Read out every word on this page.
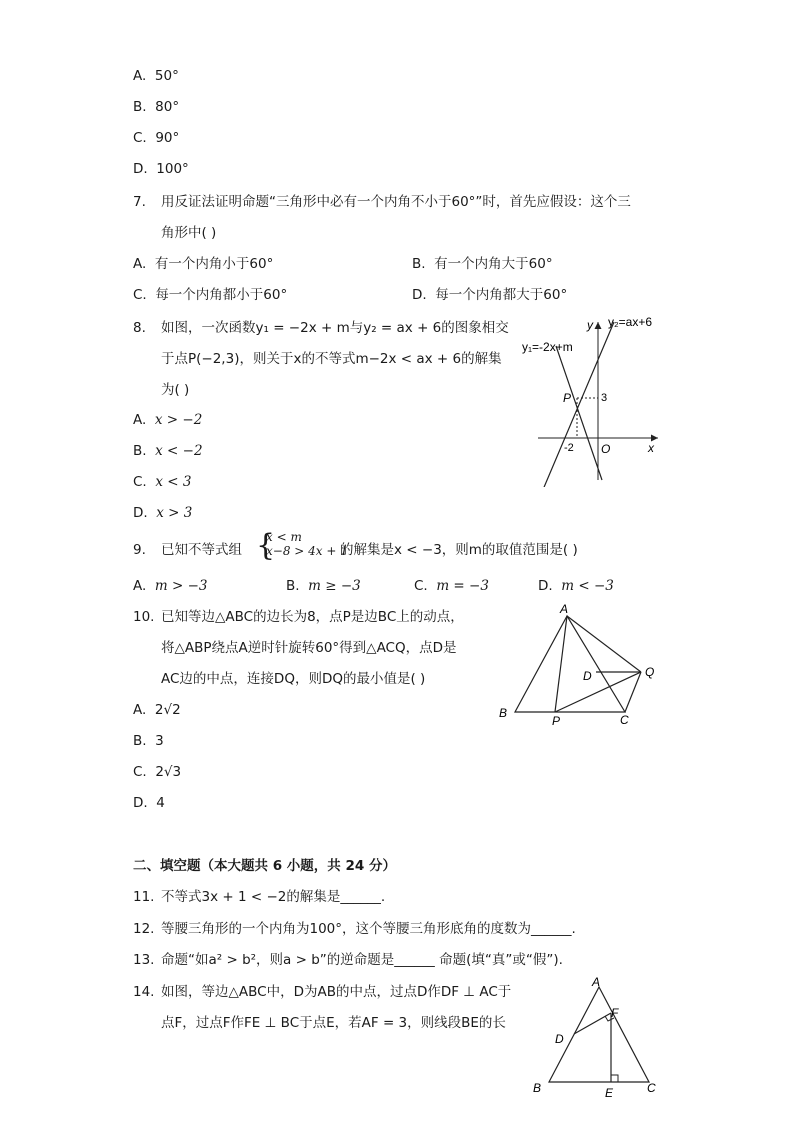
A. 50°
B. 80°
C. 90°
D. 100°
7. 用反证法证明命题“三角形中必有一个内角不小于60°”时，首先应假设：这个三
角形中( )
A. 有一个内角小于60°	B. 有一个内角大于60°
C. 每一个内角都小于60°	D. 每一个内角都大于60°
8. 如图，一次函数y₁ = −2x + m与y₂ = ax + 6的图象相交
于点P(−2,3)，则关于x的不等式m−2x < ax + 6的解集
为( )
A. x > −2
B. x < −2
C. x < 3
D. x > 3
y₁=-2x+m
y₂=ax+6
y
x
O
P	3
-2
9. 已知不等式组 {
x < m
x−8 > 4x + 1
的解集是x < −3，则m的取值范围是( )
A. m > −3	B. m ≥ −3	C. m = −3	D. m < −3
10. 已知等边△ABC的边长为8，点P是边BC上的动点，
将△ABP绕点A逆时针旋转60°得到△ACQ，点D是
AC边的中点，连接DQ，则DQ的最小值是( )
A. 2√2
B. 3
C. 2√3
D. 4
A
B	C
D
P
Q
二、填空题（本大题共 6 小题，共 24 分）
11. 不等式3x + 1 < −2的解集是______.
12. 等腰三角形的一个内角为100°，这个等腰三角形底角的度数为______.
13. 命题“如a² > b²，则a > b”的逆命题是______ 命题(填“真”或“假”).
14. 如图，等边△ABC中，D为AB的中点，过点D作DF ⊥ AC于
点F，过点F作FE ⊥ BC于点E，若AF = 3，则线段BE的长
A
B	C
D
E
F
